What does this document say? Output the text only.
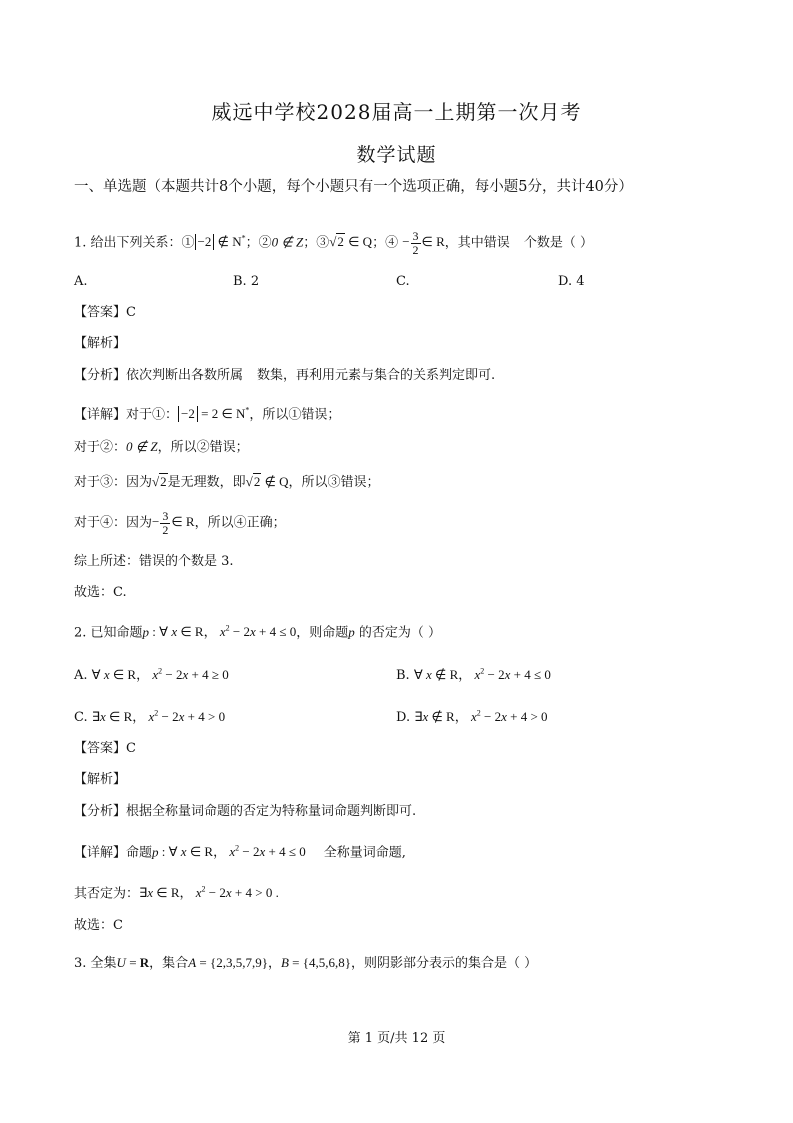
威远中学校2028届高一上期第一次月考
数学试题
一、单选题（本题共计8个小题，每个小题只有一个选项正确，每小题5分，共计40分）
1. 给出下列关系：① −2 ∉ N*；②0 ∉ Z；③√2 ∈ Q；④ − $\frac{3}{2}$ ∈ R，其中错误 个数是（ ）
A.	B. 2	C.	D. 4
【答案】C
【解析】
【分析】依次判断出各数所属 数集，再利用元素与集合的关系判定即可.
【详解】对于①： −2 = 2 ∈ N*，所以①错误；
对于②：0 ∉ Z，所以②错误；
对于③：因为√2是无理数，即√2 ∉ Q，所以③错误；
对于④：因为− $\frac{3}{2}$ ∈ R，所以④正确；
综上所述：错误的个数是 3.
故选：C.
2. 已知命题p : ∀ x ∈ R， $x^2 - 2x + 4 \le 0$，则命题p 的否定为（ ）
A. ∀ x ∈ R， $x^2 - 2x + 4 \ge 0$	B. ∀ x ∉ R， $x^2 - 2x + 4 \le 0$
C. ∃x ∈ R， $x^2 - 2x + 4 > 0$	D. ∃x ∉ R， $x^2 - 2x + 4 > 0$
【答案】C
【解析】
【分析】根据全称量词命题的否定为特称量词命题判断即可.
【详解】命题p : ∀ x ∈ R， $x^2 - 2x + 4 \le 0$ 全称量词命题,
其否定为：∃x ∈ R， $x^2 - 2x + 4 > 0$ .
故选：C
3. 全集U = R，集合A = {2,3,5,7,9}，B = {4,5,6,8}，则阴影部分表示的集合是（ ）
第 1 页/共 12 页
